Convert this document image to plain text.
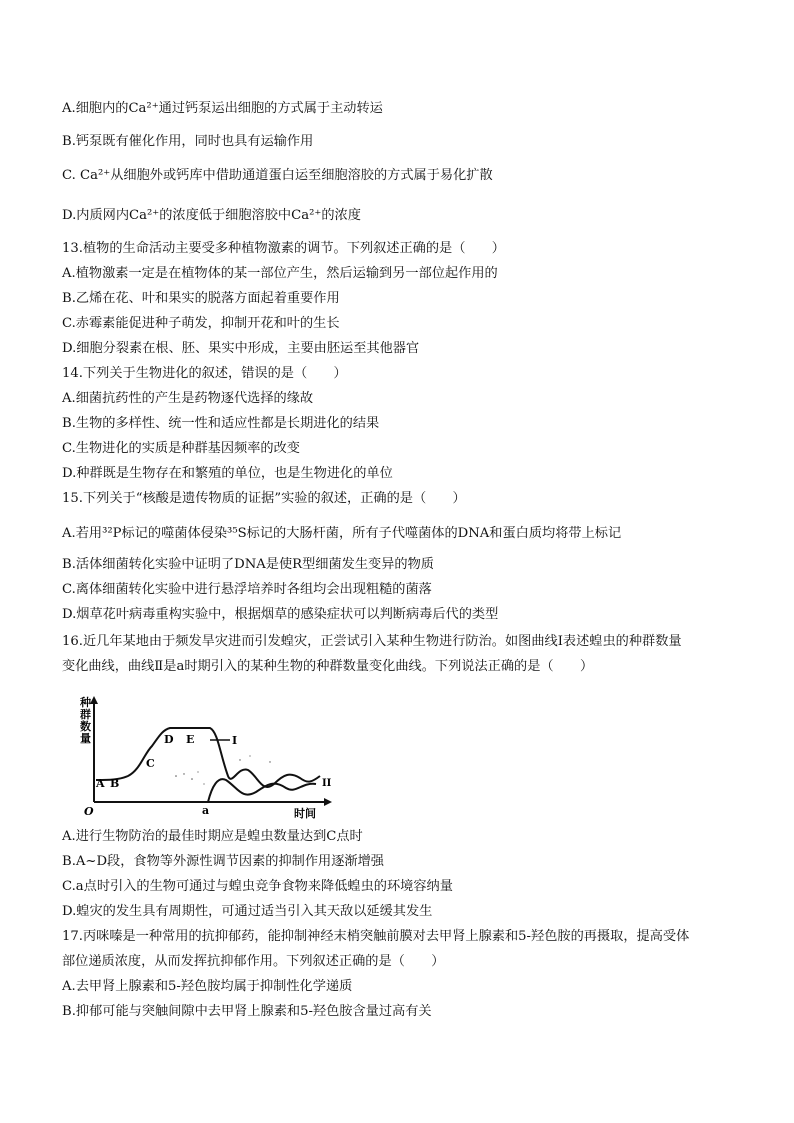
A.细胞内的Ca²⁺通过钙泵运出细胞的方式属于主动转运
B.钙泵既有催化作用，同时也具有运输作用
C. Ca²⁺从细胞外或钙库中借助通道蛋白运至细胞溶胶的方式属于易化扩散
D.内质网内Ca²⁺的浓度低于细胞溶胶中Ca²⁺的浓度
13.植物的生命活动主要受多种植物激素的调节。下列叙述正确的是（　　）
A.植物激素一定是在植物体的某一部位产生，然后运输到另一部位起作用的
B.乙烯在花、叶和果实的脱落方面起着重要作用
C.赤霉素能促进种子萌发，抑制开花和叶的生长
D.细胞分裂素在根、胚、果实中形成，主要由胚运至其他器官
14.下列关于生物进化的叙述，错误的是（　　）
A.细菌抗药性的产生是药物逐代选择的缘故
B.生物的多样性、统一性和适应性都是长期进化的结果
C.生物进化的实质是种群基因频率的改变
D.种群既是生物存在和繁殖的单位，也是生物进化的单位
15.下列关于“核酸是遗传物质的证据”实验的叙述，正确的是（　　）
A.若用³²P标记的噬菌体侵染³⁵S标记的大肠杆菌，所有子代噬菌体的DNA和蛋白质均将带上标记
B.活体细菌转化实验中证明了DNA是使R型细菌发生变异的物质
C.离体细菌转化实验中进行悬浮培养时各组均会出现粗糙的菌落
D.烟草花叶病毒重构实验中，根据烟草的感染症状可以判断病毒后代的类型
16.近几年某地由于频发旱灾进而引发蝗灾，正尝试引入某种生物进行防治。如图曲线Ⅰ表述蝗虫的种群数量
变化曲线，曲线Ⅱ是a时期引入的某种生物的种群数量变化曲线。下列说法正确的是（　　）
种
群
数
量
O	时间
A B
C
D E
a
I
II
A.进行生物防治的最佳时期应是蝗虫数量达到C点时
B.A~D段，食物等外源性调节因素的抑制作用逐渐增强
C.a点时引入的生物可通过与蝗虫竞争食物来降低蝗虫的环境容纳量
D.蝗灾的发生具有周期性，可通过适当引入其天敌以延缓其发生
17.丙咪嗪是一种常用的抗抑郁药，能抑制神经末梢突触前膜对去甲肾上腺素和5-羟色胺的再摄取，提高受体
部位递质浓度，从而发挥抗抑郁作用。下列叙述正确的是（　　）
A.去甲肾上腺素和5-羟色胺均属于抑制性化学递质
B.抑郁可能与突触间隙中去甲肾上腺素和5-羟色胺含量过高有关
